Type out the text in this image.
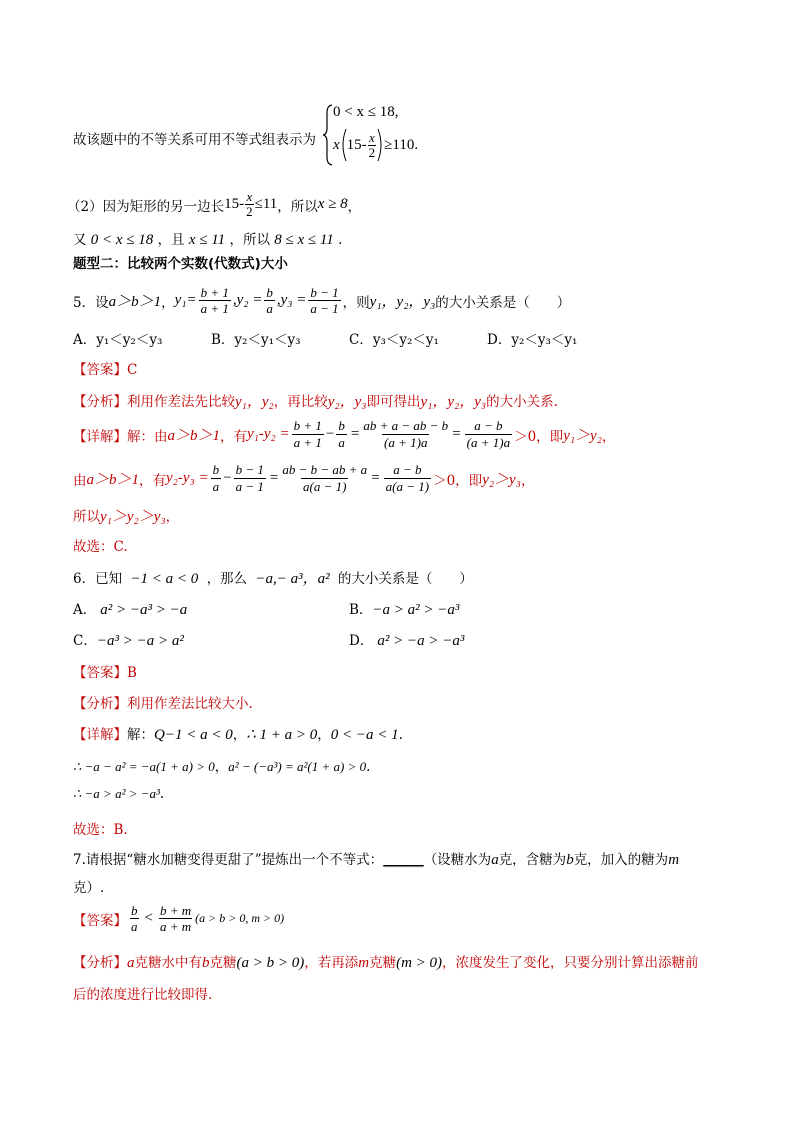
故该题中的不等关系可用不等式组表示为
0 < x ≤ 18,
x 15- x
2 ≥110.
（2）因为矩形的另一边长 $15- \frac{x}{2} \le 11$ ，所以 x ≥ 8 ，
又 0 < x ≤ 18 ，且 x ≤ 11 ，所以 8 ≤ x ≤ 11 .
题型二：比较两个实数(代数式)大小
5．设 a＞b＞1 ， $y_1= \frac{b + 1}{a + 1} ,y_2 = \frac{b}{a} ,y_3 = \frac{b - 1}{a - 1}$ ，则 y₁，y₂，y₃ 的大小关系是（　　）
A．y₁＜y₂＜y₃	B．y₂＜y₁＜y₃	C．y₃＜y₂＜y₁	D．y₂＜y₃＜y₁
【答案】C
【分析】利用作差法先比较y₁，y₂，再比较y₂，y₃即可得出y₁，y₂，y₃的大小关系.
【详解】 解：由 a＞b＞1 ，有 $y_1-y_2 = \frac{b + 1}{a + 1} - \frac{b}{a} = \frac{ab + a - ab - b}{(a + 1)a} = \frac{a - b}{(a + 1)a} >0$，即 y₁＞y₂ ，
由 a＞b＞1 ，有 $y_2-y_3 = \frac{b}{a} - \frac{b - 1}{a - 1} = \frac{ab - b - ab + a}{a(a - 1)} = \frac{a - b}{a(a - 1)} >0$，即 y₂＞y₃ ，
所以y₁＞y₂＞y₃，
故选：C.
6．已知 −1 < a < 0 ，那么 −a,− a³，a² 的大小关系是（　　）
A． a² > −a³ > −a	B．−a > a² > −a³
C．−a³ > −a > a²	D． a² > −a > −a³
【答案】B
【分析】利用作差法比较大小.
【详解】解：Q−1 < a < 0，∴ 1 + a > 0，0 < −a < 1.
∴ −a − a² = −a(1 + a) > 0，a² − (−a³) = a²(1 + a) > 0.
∴ −a > a² > −a³.
故选：B.
7.请根据“糖水加糖变得更甜了”提炼出一个不等式：______（设糖水为a克，含糖为b克，加入的糖为m
克）.
【答案】
b
a
< b + m
a + m
(a > b > 0, m > 0)
【分析】a克糖水中有b克糖(a > b > 0)，若再添m克糖(m > 0)，浓度发生了变化，只要分别计算出添糖前
后的浓度进行比较即得.
